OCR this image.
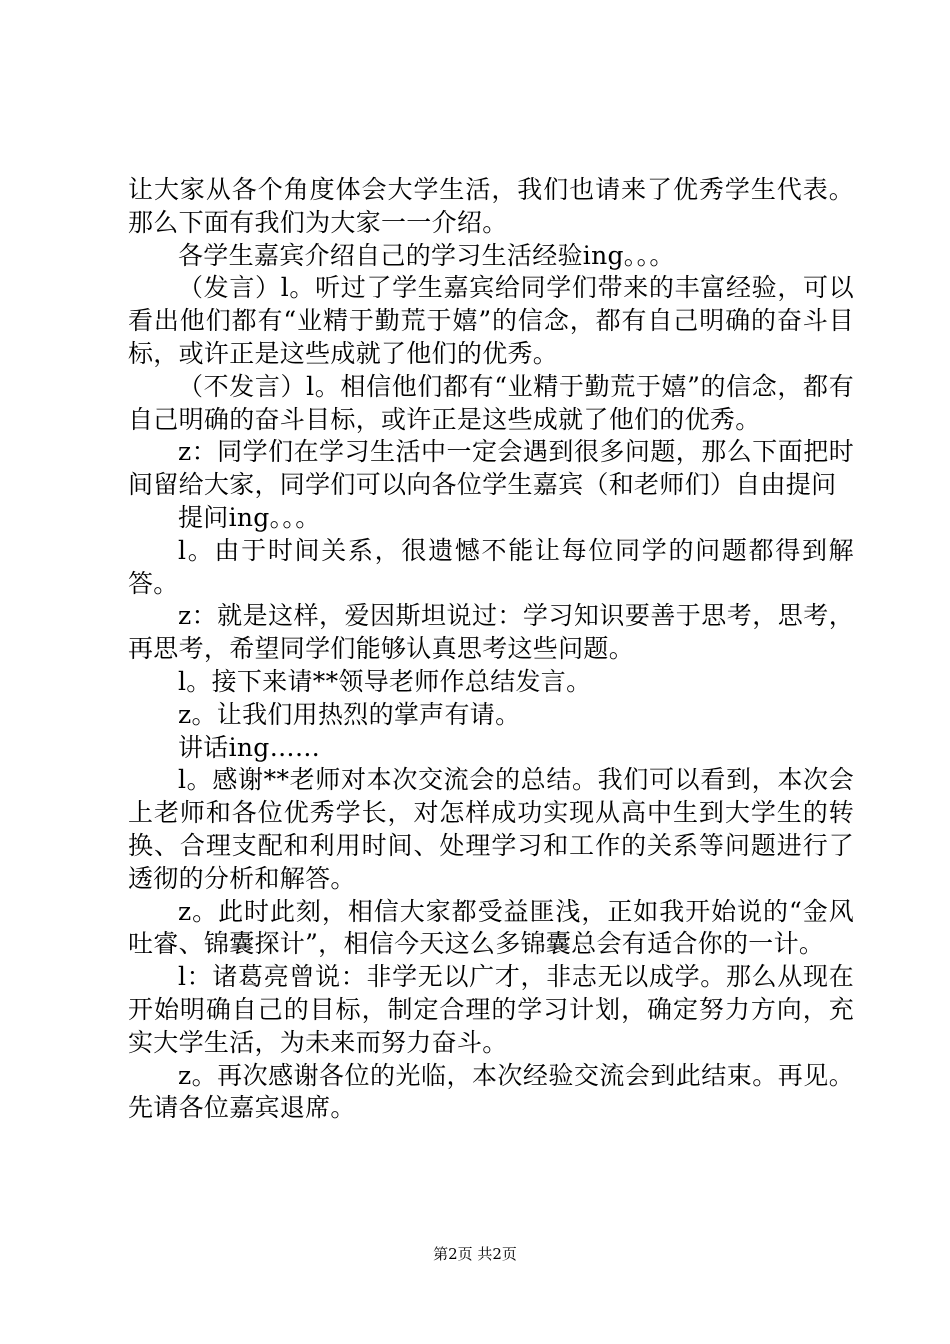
让大家从各个角度体会大学生活，我们也请来了优秀学生代表。那么下面有我们为大家一一介绍。

各学生嘉宾介绍自己的学习生活经验ing。。。

（发言）l。听过了学生嘉宾给同学们带来的丰富经验，可以看出他们都有“业精于勤荒于嬉”的信念，都有自己明确的奋斗目标，或许正是这些成就了他们的优秀。

（不发言）l。相信他们都有“业精于勤荒于嬉”的信念，都有自己明确的奋斗目标，或许正是这些成就了他们的优秀。

z：同学们在学习生活中一定会遇到很多问题，那么下面把时间留给大家，同学们可以向各位学生嘉宾（和老师们）自由提问

提问ing。。。

l。由于时间关系，很遗憾不能让每位同学的问题都得到解答。

z：就是这样，爱因斯坦说过：学习知识要善于思考，思考，再思考，希望同学们能够认真思考这些问题。

l。接下来请**领导老师作总结发言。

z。让我们用热烈的掌声有请。

讲话ing……

l。感谢**老师对本次交流会的总结。我们可以看到，本次会上老师和各位优秀学长，对怎样成功实现从高中生到大学生的转换、合理支配和利用时间、处理学习和工作的关系等问题进行了透彻的分析和解答。

z。此时此刻，相信大家都受益匪浅，正如我开始说的“金风吐睿、锦囊探计”，相信今天这么多锦囊总会有适合你的一计。

l：诸葛亮曾说：非学无以广才，非志无以成学。那么从现在开始明确自己的目标，制定合理的学习计划，确定努力方向，充实大学生活，为未来而努力奋斗。

z。再次感谢各位的光临，本次经验交流会到此结束。再见。先请各位嘉宾退席。

第2页 共2页
